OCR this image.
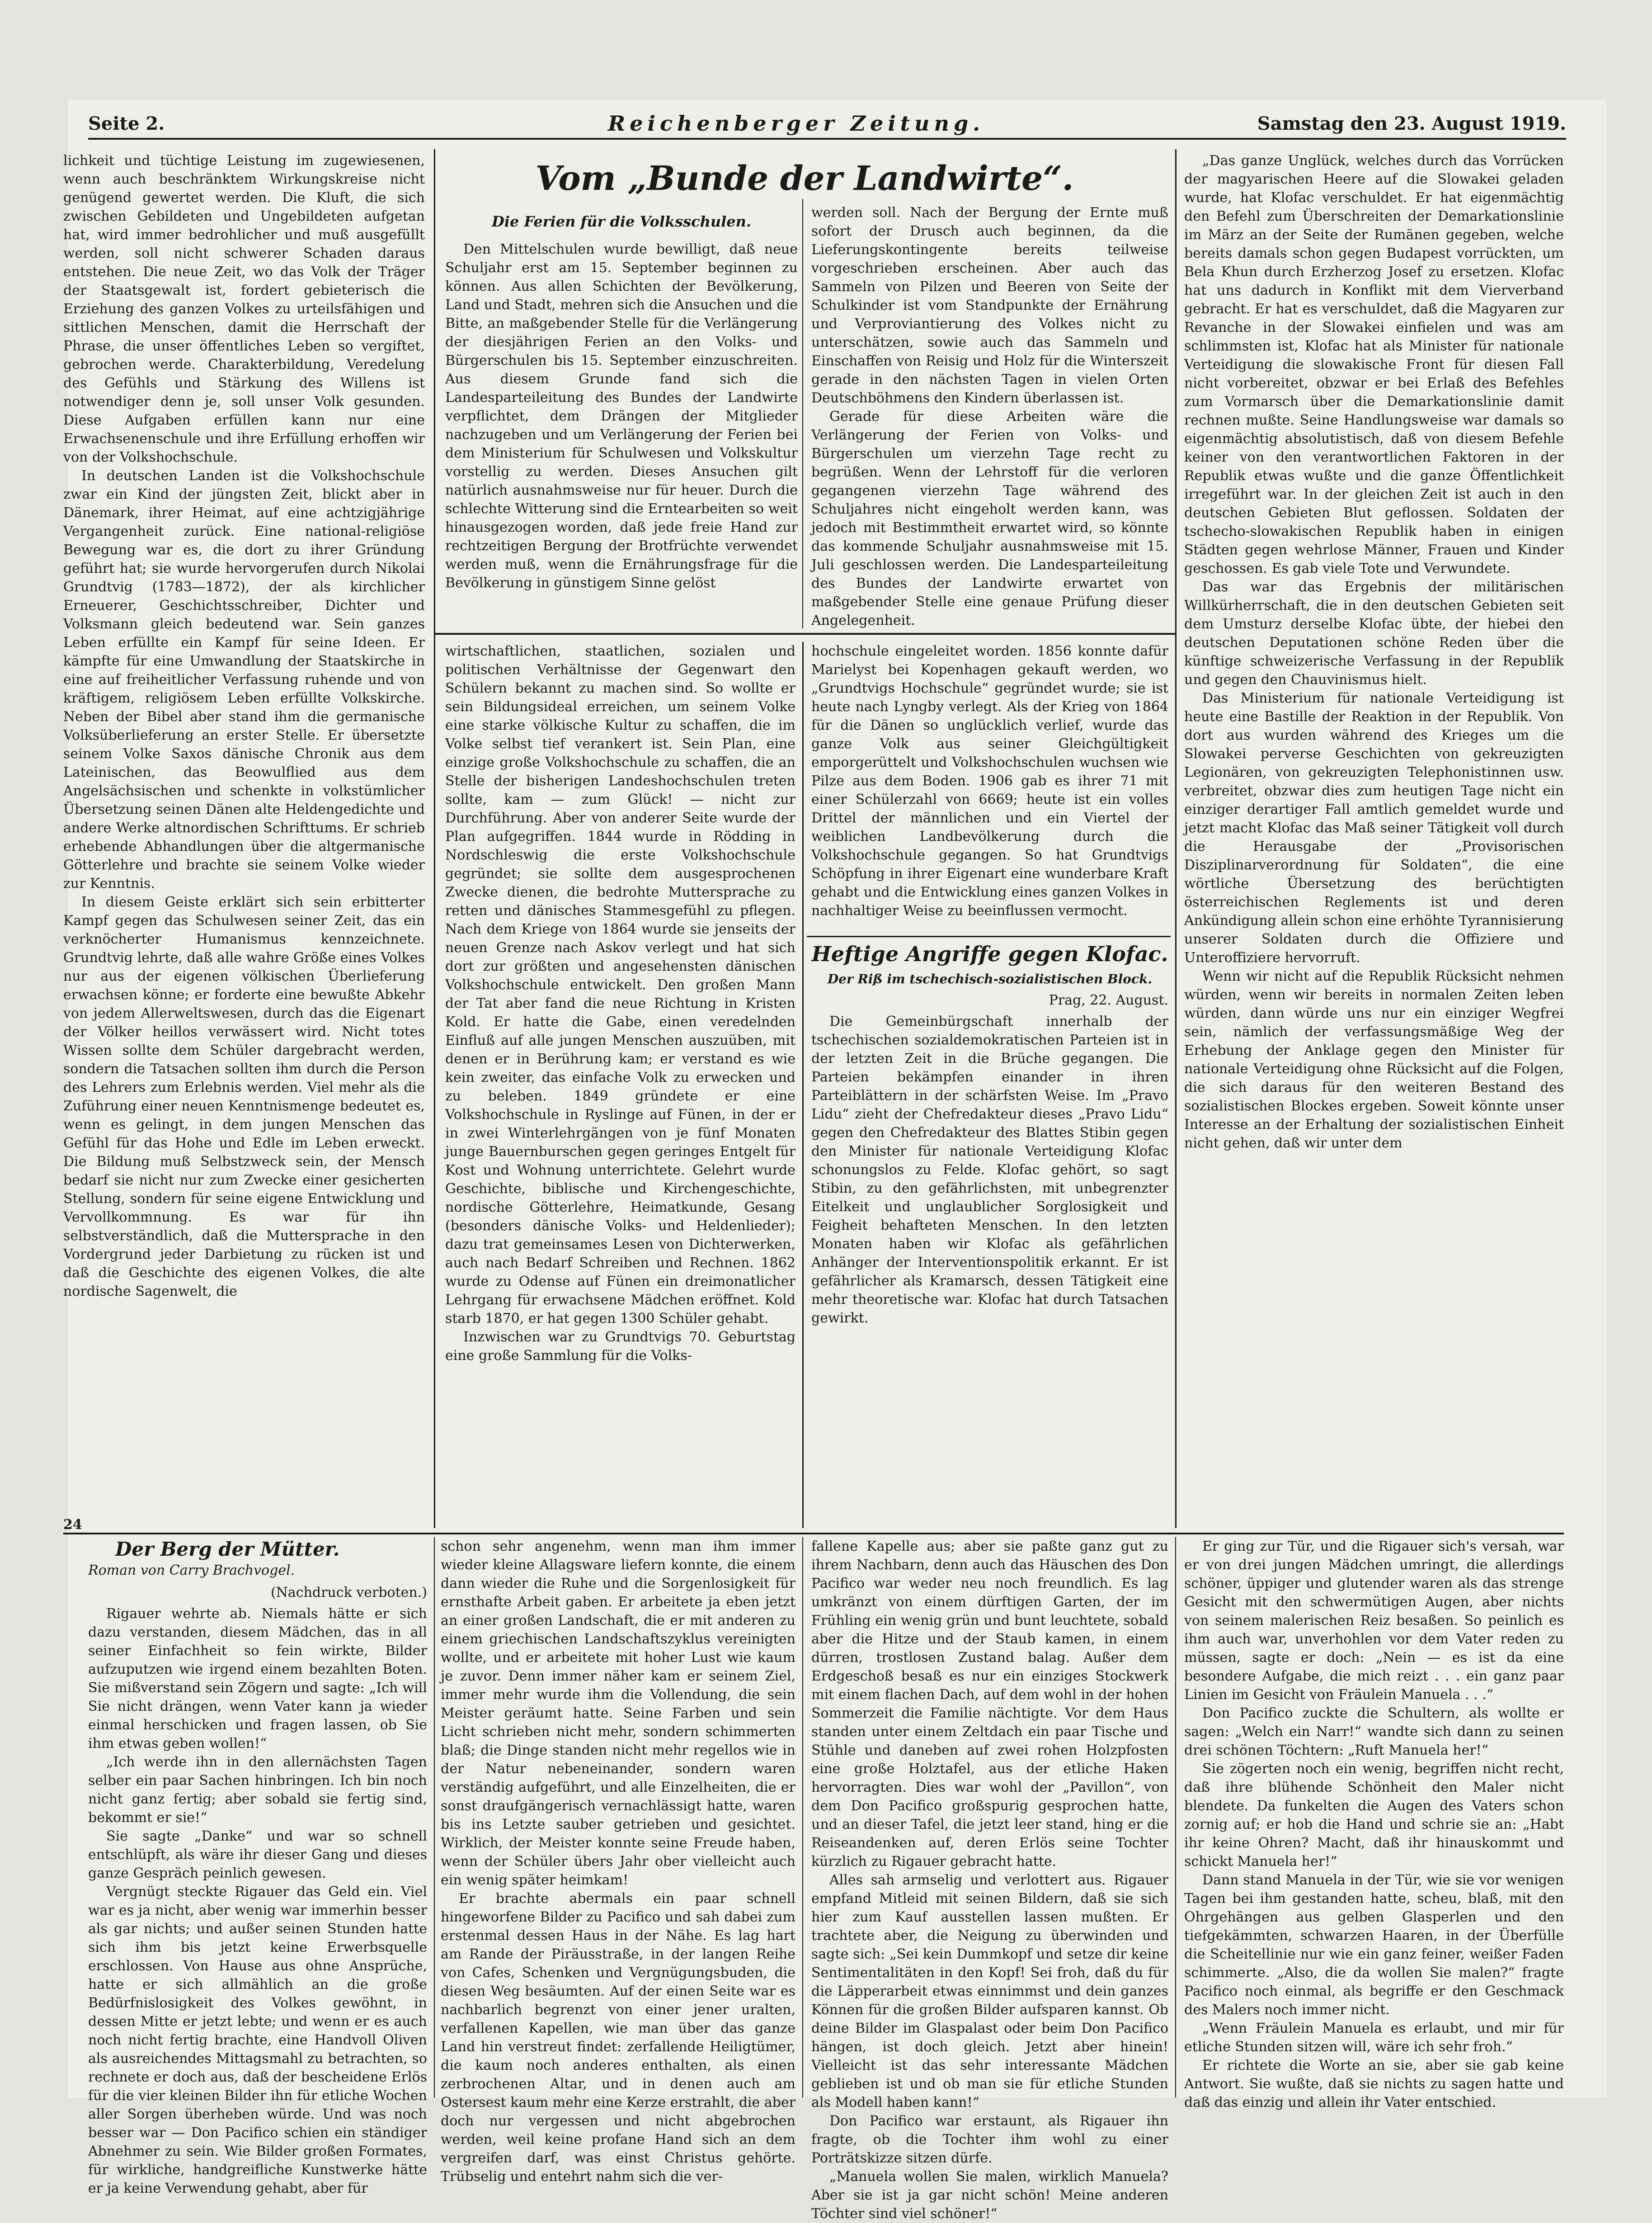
Seite 2.	Reichenberger Zeitung.	Samstag den 23. August 1919.

lichkeit und tüchtige Leistung im zugewiesenen, wenn auch beschränktem Wirkungskreise nicht genügend gewertet werden. Die Kluft, die sich zwischen Gebildeten und Ungebildeten aufgetan hat, wird immer bedrohlicher und muß ausgefüllt werden, soll nicht schwerer Schaden daraus entstehen. Die neue Zeit, wo das Volk der Träger der Staatsgewalt ist, fordert gebieterisch die Erziehung des ganzen Volkes zu urteilsfähigen und sittlichen Menschen, damit die Herrschaft der Phrase, die unser öffentliches Leben so vergiftet, gebrochen werde. Charakterbildung, Veredelung des Gefühls und Stärkung des Willens ist notwendiger denn je, soll unser Volk gesunden. Diese Aufgaben erfüllen kann nur eine Erwachsenenschule und ihre Erfüllung erhoffen wir von der Volkshochschule.

In deutschen Landen ist die Volkshochschule zwar ein Kind der jüngsten Zeit, blickt aber in Dänemark, ihrer Heimat, auf eine achtzigjährige Vergangenheit zurück. Eine national-religiöse Bewegung war es, die dort zu ihrer Gründung geführt hat; sie wurde hervorgerufen durch Nikolai Grundtvig (1783—1872), der als kirchlicher Erneuerer, Geschichtsschreiber, Dichter und Volksmann gleich bedeutend war. Sein ganzes Leben erfüllte ein Kampf für seine Ideen. Er kämpfte für eine Umwandlung der Staatskirche in eine auf freiheitlicher Verfassung ruhende und von kräftigem, religiösem Leben erfüllte Volkskirche. Neben der Bibel aber stand ihm die germanische Volksüberlieferung an erster Stelle. Er übersetzte seinem Volke Saxos dänische Chronik aus dem Lateinischen, das Beowulflied aus dem Angelsächsischen und schenkte in volkstümlicher Übersetzung seinen Dänen alte Heldengedichte und andere Werke altnordischen Schrifttums. Er schrieb erhebende Abhandlungen über die altgermanische Götterlehre und brachte sie seinem Volke wieder zur Kenntnis.

In diesem Geiste erklärt sich sein erbitterter Kampf gegen das Schulwesen seiner Zeit, das ein verknöcherter Humanismus kennzeichnete. Grundtvig lehrte, daß alle wahre Größe eines Volkes nur aus der eigenen völkischen Überlieferung erwachsen könne; er forderte eine bewußte Abkehr von jedem Allerweltswesen, durch das die Eigenart der Völker heillos verwässert wird. Nicht totes Wissen sollte dem Schüler dargebracht werden, sondern die Tatsachen sollten ihm durch die Person des Lehrers zum Erlebnis werden. Viel mehr als die Zuführung einer neuen Kenntnismenge bedeutet es, wenn es gelingt, in dem jungen Menschen das Gefühl für das Hohe und Edle im Leben erweckt. Die Bildung muß Selbstzweck sein, der Mensch bedarf sie nicht nur zum Zwecke einer gesicherten Stellung, sondern für seine eigene Entwicklung und Vervollkommnung. Es war für ihn selbstverständlich, daß die Muttersprache in den Vordergrund jeder Darbietung zu rücken ist und daß die Geschichte des eigenen Volkes, die alte nordische Sagenwelt, die

Vom „Bunde der Landwirte“.
Die Ferien für die Volksschulen.

Den Mittelschulen wurde bewilligt, daß neue Schuljahr erst am 15. September beginnen zu können. Aus allen Schichten der Bevölkerung, Land und Stadt, mehren sich die Ansuchen und die Bitte, an maßgebender Stelle für die Verlängerung der diesjährigen Ferien an den Volks- und Bürgerschulen bis 15. September einzuschreiten. Aus diesem Grunde fand sich die Landesparteileitung des Bundes der Landwirte verpflichtet, dem Drängen der Mitglieder nachzugeben und um Verlängerung der Ferien bei dem Ministerium für Schulwesen und Volkskultur vorstellig zu werden. Dieses Ansuchen gilt natürlich ausnahmsweise nur für heuer. Durch die schlechte Witterung sind die Erntearbeiten so weit hinausgezogen worden, daß jede freie Hand zur rechtzeitigen Bergung der Brotfrüchte verwendet werden muß, wenn die Ernährungsfrage für die Bevölkerung in günstigem Sinne gelöst

werden soll. Nach der Bergung der Ernte muß sofort der Drusch auch beginnen, da die Lieferungskontingente bereits teilweise vorgeschrieben erscheinen. Aber auch das Sammeln von Pilzen und Beeren von Seite der Schulkinder ist vom Standpunkte der Ernährung und Verproviantierung des Volkes nicht zu unterschätzen, sowie auch das Sammeln und Einschaffen von Reisig und Holz für die Winterszeit gerade in den nächsten Tagen in vielen Orten Deutschböhmens den Kindern überlassen ist.

Gerade für diese Arbeiten wäre die Verlängerung der Ferien von Volks- und Bürgerschulen um vierzehn Tage recht zu begrüßen. Wenn der Lehrstoff für die verloren gegangenen vierzehn Tage während des Schuljahres nicht eingeholt werden kann, was jedoch mit Bestimmtheit erwartet wird, so könnte das kommende Schuljahr ausnahmsweise mit 15. Juli geschlossen werden. Die Landesparteileitung des Bundes der Landwirte erwartet von maßgebender Stelle eine genaue Prüfung dieser Angelegenheit.

wirtschaftlichen, staatlichen, sozialen und politischen Verhältnisse der Gegenwart den Schülern bekannt zu machen sind. So wollte er sein Bildungsideal erreichen, um seinem Volke eine starke völkische Kultur zu schaffen, die im Volke selbst tief verankert ist. Sein Plan, eine einzige große Volkshochschule zu schaffen, die an Stelle der bisherigen Landeshochschulen treten sollte, kam — zum Glück! — nicht zur Durchführung. Aber von anderer Seite wurde der Plan aufgegriffen. 1844 wurde in Rödding in Nordschleswig die erste Volkshochschule gegründet; sie sollte dem ausgesprochenen Zwecke dienen, die bedrohte Muttersprache zu retten und dänisches Stammesgefühl zu pflegen. Nach dem Kriege von 1864 wurde sie jenseits der neuen Grenze nach Askov verlegt und hat sich dort zur größten und angesehensten dänischen Volkshochschule entwickelt. Den großen Mann der Tat aber fand die neue Richtung in Kristen Kold. Er hatte die Gabe, einen veredelnden Einfluß auf alle jungen Menschen auszuüben, mit denen er in Berührung kam; er verstand es wie kein zweiter, das einfache Volk zu erwecken und zu beleben. 1849 gründete er eine Volkshochschule in Ryslinge auf Fünen, in der er in zwei Winterlehrgängen von je fünf Monaten junge Bauernburschen gegen geringes Entgelt für Kost und Wohnung unterrichtete. Gelehrt wurde Geschichte, biblische und Kirchengeschichte, nordische Götterlehre, Heimatkunde, Gesang (besonders dänische Volks- und Heldenlieder); dazu trat gemeinsames Lesen von Dichterwerken, auch nach Bedarf Schreiben und Rechnen. 1862 wurde zu Odense auf Fünen ein dreimonatlicher Lehrgang für erwachsene Mädchen eröffnet. Kold starb 1870, er hat gegen 1300 Schüler gehabt.

Inzwischen war zu Grundtvigs 70. Geburtstag eine große Sammlung für die Volks-

hochschule eingeleitet worden. 1856 konnte dafür Marielyst bei Kopenhagen gekauft werden, wo „Grundtvigs Hochschule“ gegründet wurde; sie ist heute nach Lyngby verlegt. Als der Krieg von 1864 für die Dänen so unglücklich verlief, wurde das ganze Volk aus seiner Gleichgültigkeit emporgerüttelt und Volkshochschulen wuchsen wie Pilze aus dem Boden. 1906 gab es ihrer 71 mit einer Schülerzahl von 6669; heute ist ein volles Drittel der männlichen und ein Viertel der weiblichen Landbevölkerung durch die Volkshochschule gegangen. So hat Grundtvigs Schöpfung in ihrer Eigenart eine wunderbare Kraft gehabt und die Entwicklung eines ganzen Volkes in nachhaltiger Weise zu beeinflussen vermocht.

Heftige Angriffe gegen Klofac.
Der Riß im tschechisch-sozialistischen Block.
Prag, 22. August.

Die Gemeinbürgschaft innerhalb der tschechischen sozialdemokratischen Parteien ist in der letzten Zeit in die Brüche gegangen. Die Parteien bekämpfen einander in ihren Parteiblättern in der schärfsten Weise. Im „Pravo Lidu“ zieht der Chefredakteur dieses „Pravo Lidu“ gegen den Chefredakteur des Blattes Stibin gegen den Minister für nationale Verteidigung Klofac schonungslos zu Felde. Klofac gehört, so sagt Stibin, zu den gefährlichsten, mit unbegrenzter Eitelkeit und unglaublicher Sorglosigkeit und Feigheit behafteten Menschen. In den letzten Monaten haben wir Klofac als gefährlichen Anhänger der Interventionspolitik erkannt. Er ist gefährlicher als Kramarsch, dessen Tätigkeit eine mehr theoretische war. Klofac hat durch Tatsachen gewirkt.

„Das ganze Unglück, welches durch das Vorrücken der magyarischen Heere auf die Slowakei geladen wurde, hat Klofac verschuldet. Er hat eigenmächtig den Befehl zum Überschreiten der Demarkationslinie im März an der Seite der Rumänen gegeben, welche bereits damals schon gegen Budapest vorrückten, um Bela Khun durch Erzherzog Josef zu ersetzen. Klofac hat uns dadurch in Konflikt mit dem Vierverband gebracht. Er hat es verschuldet, daß die Magyaren zur Revanche in der Slowakei einfielen und was am schlimmsten ist, Klofac hat als Minister für nationale Verteidigung die slowakische Front für diesen Fall nicht vorbereitet, obzwar er bei Erlaß des Befehles zum Vormarsch über die Demarkationslinie damit rechnen mußte. Seine Handlungsweise war damals so eigenmächtig absolutistisch, daß von diesem Befehle keiner von den verantwortlichen Faktoren in der Republik etwas wußte und die ganze Öffentlichkeit irregeführt war. In der gleichen Zeit ist auch in den deutschen Gebieten Blut geflossen. Soldaten der tschecho-slowakischen Republik haben in einigen Städten gegen wehrlose Männer, Frauen und Kinder geschossen. Es gab viele Tote und Verwundete.

Das war das Ergebnis der militärischen Willkürherrschaft, die in den deutschen Gebieten seit dem Umsturz derselbe Klofac übte, der hiebei den deutschen Deputationen schöne Reden über die künftige schweizerische Verfassung in der Republik und gegen den Chauvinismus hielt.

Das Ministerium für nationale Verteidigung ist heute eine Bastille der Reaktion in der Republik. Von dort aus wurden während des Krieges um die Slowakei perverse Geschichten von gekreuzigten Legionären, von gekreuzigten Telephonistinnen usw. verbreitet, obzwar dies zum heutigen Tage nicht ein einziger derartiger Fall amtlich gemeldet wurde und jetzt macht Klofac das Maß seiner Tätigkeit voll durch die Herausgabe der „Provisorischen Disziplinarverordnung für Soldaten“, die eine wörtliche Übersetzung des berüchtigten österreichischen Reglements ist und deren Ankündigung allein schon eine erhöhte Tyrannisierung unserer Soldaten durch die Offiziere und Unteroffiziere hervorruft.

Wenn wir nicht auf die Republik Rücksicht nehmen würden, wenn wir bereits in normalen Zeiten leben würden, dann würde uns nur ein einziger Wegfrei sein, nämlich der verfassungsmäßige Weg der Erhebung der Anklage gegen den Minister für nationale Verteidigung ohne Rücksicht auf die Folgen, die sich daraus für den weiteren Bestand des sozialistischen Blockes ergeben. Soweit könnte unser Interesse an der Erhaltung der sozialistischen Einheit nicht gehen, daß wir unter dem

24
Der Berg der Mütter.
Roman von Carry Brachvogel.
(Nachdruck verboten.)

Rigauer wehrte ab. Niemals hätte er sich dazu verstanden, diesem Mädchen, das in all seiner Einfachheit so fein wirkte, Bilder aufzuputzen wie irgend einem bezahlten Boten. Sie mißverstand sein Zögern und sagte: „Ich will Sie nicht drängen, wenn Vater kann ja wieder einmal herschicken und fragen lassen, ob Sie ihm etwas geben wollen!“

„Ich werde ihn in den allernächsten Tagen selber ein paar Sachen hinbringen. Ich bin noch nicht ganz fertig; aber sobald sie fertig sind, bekommt er sie!“

Sie sagte „Danke“ und war so schnell entschlüpft, als wäre ihr dieser Gang und dieses ganze Gespräch peinlich gewesen.

Vergnügt steckte Rigauer das Geld ein. Viel war es ja nicht, aber wenig war immerhin besser als gar nichts; und außer seinen Stunden hatte sich ihm bis jetzt keine Erwerbsquelle erschlossen. Von Hause aus ohne Ansprüche, hatte er sich allmählich an die große Bedürfnislosigkeit des Volkes gewöhnt, in dessen Mitte er jetzt lebte; und wenn er es auch noch nicht fertig brachte, eine Handvoll Oliven als ausreichendes Mittagsmahl zu betrachten, so rechnete er doch aus, daß der bescheidene Erlös für die vier kleinen Bilder ihn für etliche Wochen aller Sorgen überheben würde. Und was noch besser war — Don Pacifico schien ein ständiger Abnehmer zu sein. Wie Bilder großen Formates, für wirkliche, handgreifliche Kunstwerke hätte er ja keine Verwendung gehabt, aber für

schon sehr angenehm, wenn man ihm immer wieder kleine Allagsware liefern konnte, die einem dann wieder die Ruhe und die Sorgenlosigkeit für ernsthafte Arbeit gaben. Er arbeitete ja eben jetzt an einer großen Landschaft, die er mit anderen zu einem griechischen Landschaftszyklus vereinigten wollte, und er arbeitete mit hoher Lust wie kaum je zuvor. Denn immer näher kam er seinem Ziel, immer mehr wurde ihm die Vollendung, die sein Meister geräumt hatte. Seine Farben und sein Licht schrieben nicht mehr, sondern schimmerten blaß; die Dinge standen nicht mehr regellos wie in der Natur nebeneinander, sondern waren verständig aufgeführt, und alle Einzelheiten, die er sonst draufgängerisch vernachlässigt hatte, waren bis ins Letzte sauber getrieben und gesichtet. Wirklich, der Meister konnte seine Freude haben, wenn der Schüler übers Jahr ober vielleicht auch ein wenig später heimkam!

Er brachte abermals ein paar schnell hingeworfene Bilder zu Pacifico und sah dabei zum erstenmal dessen Haus in der Nähe. Es lag hart am Rande der Piräusstraße, in der langen Reihe von Cafes, Schenken und Vergnügungsbuden, die diesen Weg besäumten. Auf der einen Seite war es nachbarlich begrenzt von einer jener uralten, verfallenen Kapellen, wie man über das ganze Land hin verstreut findet: zerfallende Heiligtümer, die kaum noch anderes enthalten, als einen zerbrochenen Altar, und in denen auch am Ostersest kaum mehr eine Kerze erstrahlt, die aber doch nur vergessen und nicht abgebrochen werden, weil keine profane Hand sich an dem vergreifen darf, was einst Christus gehörte. Trübselig und entehrt nahm sich die ver-

fallene Kapelle aus; aber sie paßte ganz gut zu ihrem Nachbarn, denn auch das Häuschen des Don Pacifico war weder neu noch freundlich. Es lag umkränzt von einem dürftigen Garten, der im Frühling ein wenig grün und bunt leuchtete, sobald aber die Hitze und der Staub kamen, in einem dürren, trostlosen Zustand balag. Außer dem Erdgeschoß besaß es nur ein einziges Stockwerk mit einem flachen Dach, auf dem wohl in der hohen Sommerzeit die Familie nächtigte. Vor dem Haus standen unter einem Zeltdach ein paar Tische und Stühle und daneben auf zwei rohen Holzpfosten eine große Holztafel, aus der etliche Haken hervorragten. Dies war wohl der „Pavillon“, von dem Don Pacifico großspurig gesprochen hatte, und an dieser Tafel, die jetzt leer stand, hing er die Reiseandenken auf, deren Erlös seine Tochter kürzlich zu Rigauer gebracht hatte.

Alles sah armselig und verlottert aus. Rigauer empfand Mitleid mit seinen Bildern, daß sie sich hier zum Kauf ausstellen lassen mußten. Er trachtete aber, die Neigung zu überwinden und sagte sich: „Sei kein Dummkopf und setze dir keine Sentimentalitäten in den Kopf! Sei froh, daß du für die Läpperarbeit etwas einnimmst und dein ganzes Können für die großen Bilder aufsparen kannst. Ob deine Bilder im Glaspalast oder beim Don Pacifico hängen, ist doch gleich. Jetzt aber hinein! Vielleicht ist das sehr interessante Mädchen geblieben ist und ob man sie für etliche Stunden als Modell haben kann!“

Don Pacifico war erstaunt, als Rigauer ihn fragte, ob die Tochter ihm wohl zu einer Porträtskizze sitzen dürfe.

„Manuela wollen Sie malen, wirklich Manuela? Aber sie ist ja gar nicht schön! Meine anderen Töchter sind viel schöner!“

Er ging zur Tür, und die Rigauer sich's versah, war er von drei jungen Mädchen umringt, die allerdings schöner, üppiger und glutender waren als das strenge Gesicht mit den schwermütigen Augen, aber nichts von seinem malerischen Reiz besaßen. So peinlich es ihm auch war, unverhohlen vor dem Vater reden zu müssen, sagte er doch: „Nein — es ist da eine besondere Aufgabe, die mich reizt . . . ein ganz paar Linien im Gesicht von Fräulein Manuela . . .“

Don Pacifico zuckte die Schultern, als wollte er sagen: „Welch ein Narr!“ wandte sich dann zu seinen drei schönen Töchtern: „Ruft Manuela her!“

Sie zögerten noch ein wenig, begriffen nicht recht, daß ihre blühende Schönheit den Maler nicht blendete. Da funkelten die Augen des Vaters schon zornig auf; er hob die Hand und schrie sie an: „Habt ihr keine Ohren? Macht, daß ihr hinauskommt und schickt Manuela her!“

Dann stand Manuela in der Tür, wie sie vor wenigen Tagen bei ihm gestanden hatte, scheu, blaß, mit den Ohrgehängen aus gelben Glasperlen und den tiefgekämmten, schwarzen Haaren, in der Überfülle die Scheitellinie nur wie ein ganz feiner, weißer Faden schimmerte. „Also, die da wollen Sie malen?“ fragte Pacifico noch einmal, als begriffe er den Geschmack des Malers noch immer nicht.

„Wenn Fräulein Manuela es erlaubt, und mir für etliche Stunden sitzen will, wäre ich sehr froh.“

Er richtete die Worte an sie, aber sie gab keine Antwort. Sie wußte, daß sie nichts zu sagen hatte und daß das einzig und allein ihr Vater entschied.
